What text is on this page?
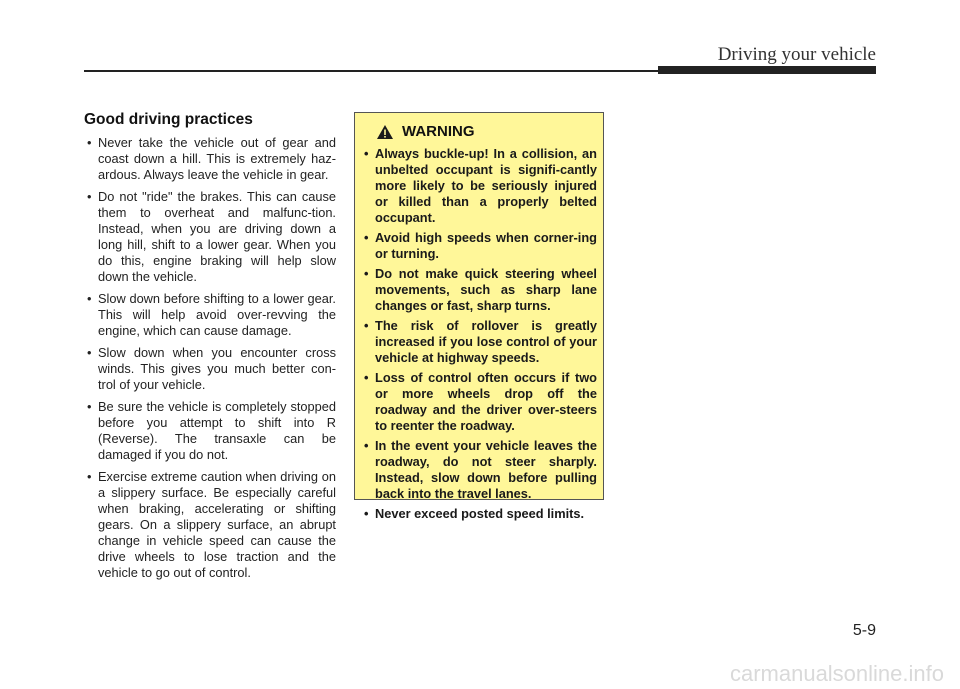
Driving your vehicle
Good driving practices
• Never take the vehicle out of gear and coast down a hill. This is extremely haz-ardous. Always leave the vehicle in gear.
• Do not "ride" the brakes. This can cause them to overheat and malfunc-tion. Instead, when you are driving down a long hill, shift to a lower gear. When you do this, engine braking will help slow down the vehicle.
• Slow down before shifting to a lower gear. This will help avoid over-revving the engine, which can cause damage.
• Slow down when you encounter cross winds. This gives you much better con-trol of your vehicle.
• Be sure the vehicle is completely stopped before you attempt to shift into R (Reverse). The transaxle can be damaged if you do not.
• Exercise extreme caution when driving on a slippery surface. Be especially careful when braking, accelerating or shifting gears. On a slippery surface, an abrupt change in vehicle speed can cause the drive wheels to lose traction and the vehicle to go out of control.
WARNING
• Always buckle-up! In a collision, an unbelted occupant is signifi-cantly more likely to be seriously injured or killed than a properly belted occupant.
• Avoid high speeds when corner-ing or turning.
• Do not make quick steering wheel movements, such as sharp lane changes or fast, sharp turns.
• The risk of rollover is greatly increased if you lose control of your vehicle at highway speeds.
• Loss of control often occurs if two or more wheels drop off the roadway and the driver over-steers to reenter the roadway.
• In the event your vehicle leaves the roadway, do not steer sharply. Instead, slow down before pulling back into the travel lanes.
• Never exceed posted speed limits.
5-9
carmanualsonline.info
